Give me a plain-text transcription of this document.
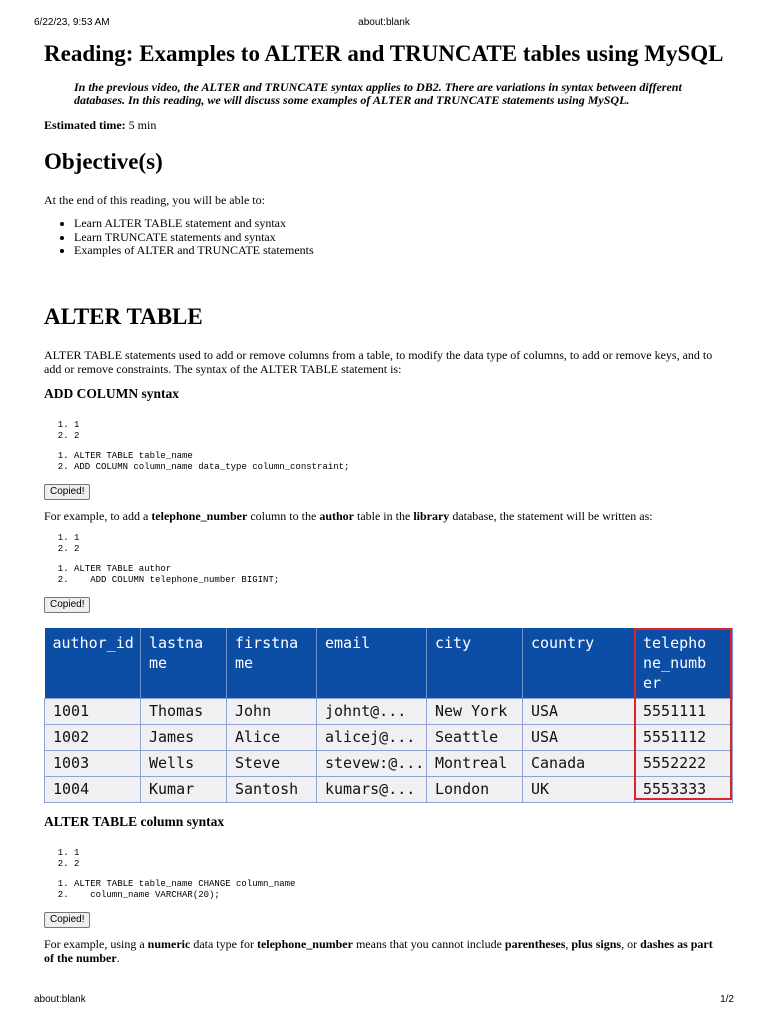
6/22/23, 9:53 AM	about:blank
Reading: Examples to ALTER and TRUNCATE tables using MySQL
In the previous video, the ALTER and TRUNCATE syntax applies to DB2. There are variations in syntax between different databases. In this reading, we will discuss some examples of ALTER and TRUNCATE statements using MySQL.
Estimated time: 5 min
Objective(s)

At the end of this reading, you will be able to:

• Learn ALTER TABLE statement and syntax
• Learn TRUNCATE statements and syntax
• Examples of ALTER and TRUNCATE statements
ALTER TABLE

ALTER TABLE statements used to add or remove columns from a table, to modify the data type of columns, to add or remove keys, and to add or remove constraints. The syntax of the ALTER TABLE statement is:

ADD COLUMN syntax
1. 1
2. 2
1. ALTER TABLE table_name
2. ADD COLUMN column_name data_type column_constraint;
Copied!

For example, to add a telephone_number column to the author table in the library database, the statement will be written as:

1. 1
2. 2
1. ALTER TABLE author
2.    ADD COLUMN telephone_number BIGINT;
Copied!
author_id	lastna me	firstna me	email	city	country	telepho ne_numb er
1001	Thomas	John	johnt@...	New York	USA	5551111
1002	James	Alice	alicej@...	Seattle	USA	5551112
1003	Wells	Steve	stevew:@...	Montreal	Canada	5552222
1004	Kumar	Santosh	kumars@...	London	UK	5553333
ALTER TABLE column syntax
1. 1
2. 2
1. ALTER TABLE table_name CHANGE column_name
2.    column_name VARCHAR(20);
Copied!

For example, using a numeric data type for telephone_number means that you cannot include parentheses, plus signs, or dashes as part of the number.

about:blank	1/2
